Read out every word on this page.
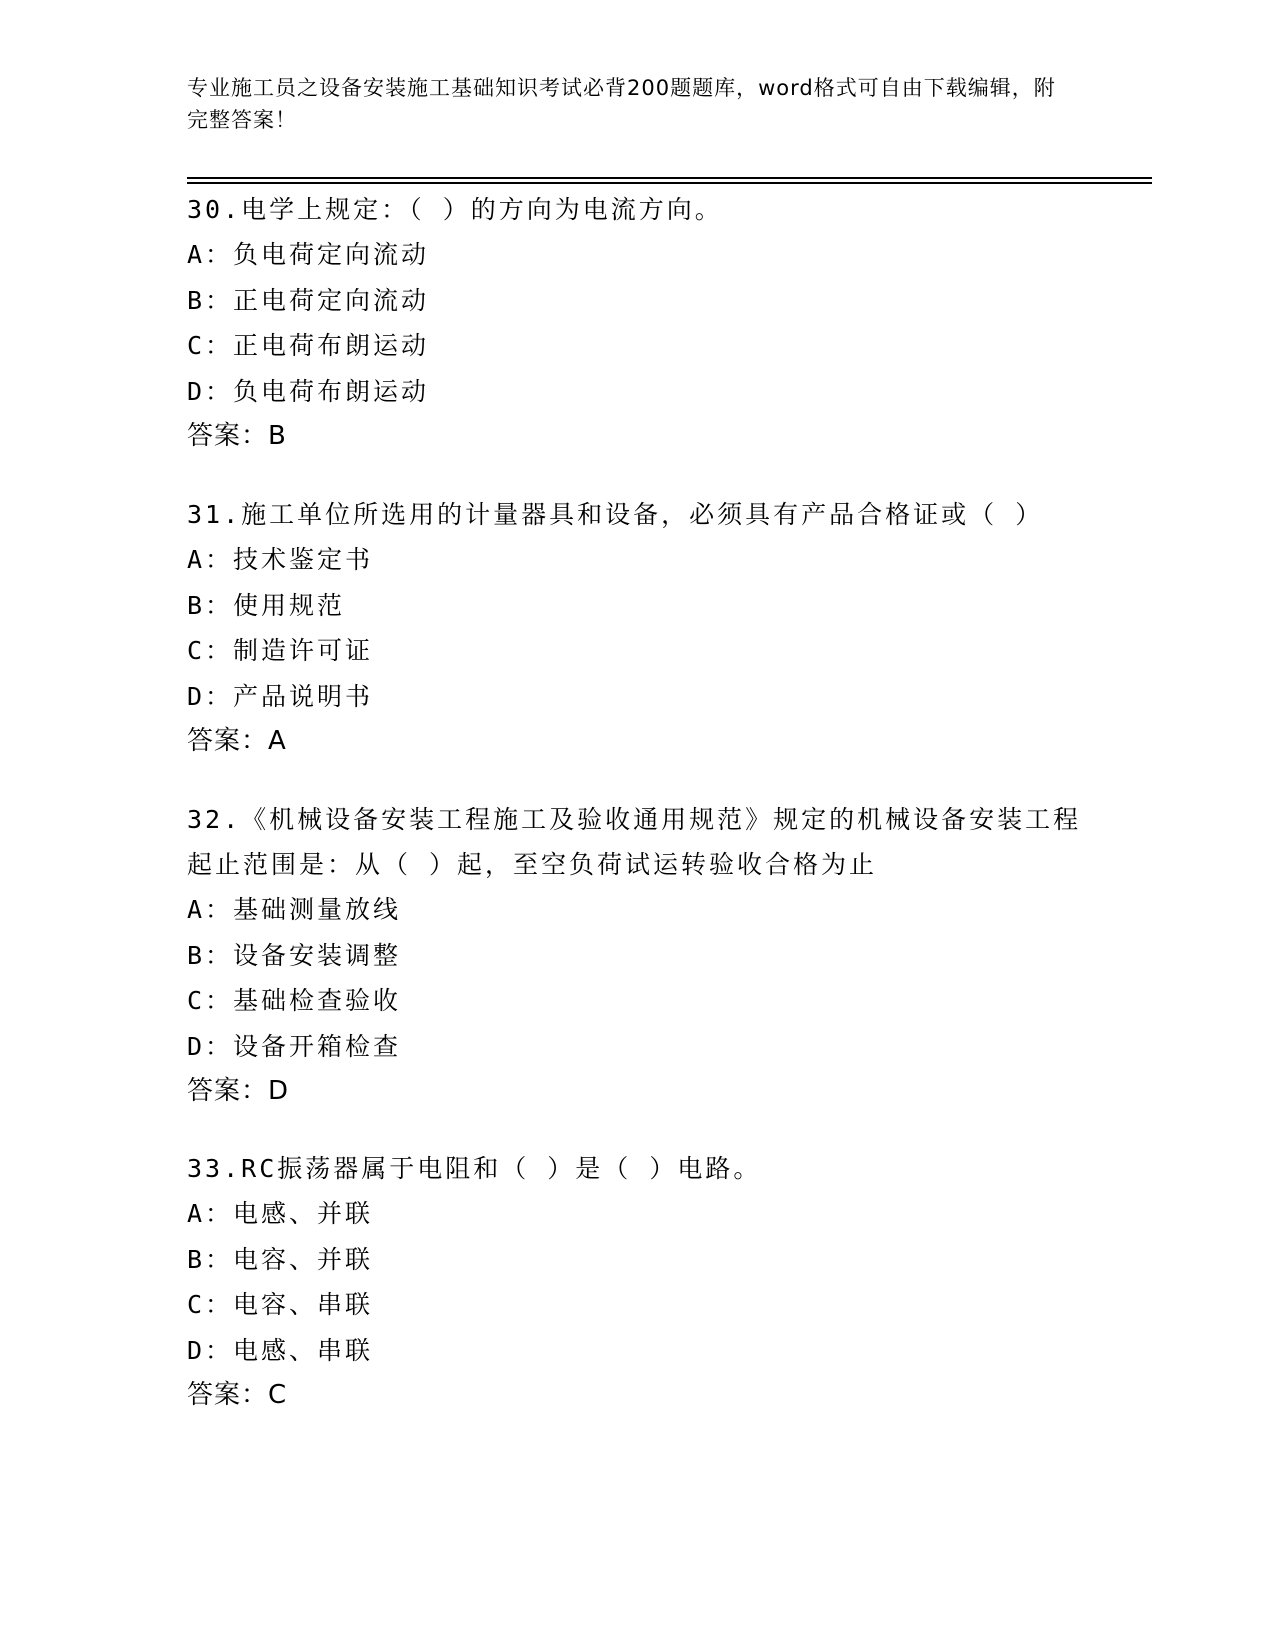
专业施工员之设备安装施工基础知识考试必背200题题库，word格式可自由下载编辑，附完整答案！
30.电学上规定：（ ）的方向为电流方向。
A：负电荷定向流动
B：正电荷定向流动
C：正电荷布朗运动
D：负电荷布朗运动
答案：B
31.施工单位所选用的计量器具和设备，必须具有产品合格证或（ ）
A：技术鉴定书
B：使用规范
C：制造许可证
D：产品说明书
答案：A
32.《机械设备安装工程施工及验收通用规范》规定的机械设备安装工程起止范围是：从（ ）起，至空负荷试运转验收合格为止
A：基础测量放线
B：设备安装调整
C：基础检查验收
D：设备开箱检查
答案：D
33.RC振荡器属于电阻和（ ）是（ ）电路。
A：电感、并联
B：电容、并联
C：电容、串联
D：电感、串联
答案：C
